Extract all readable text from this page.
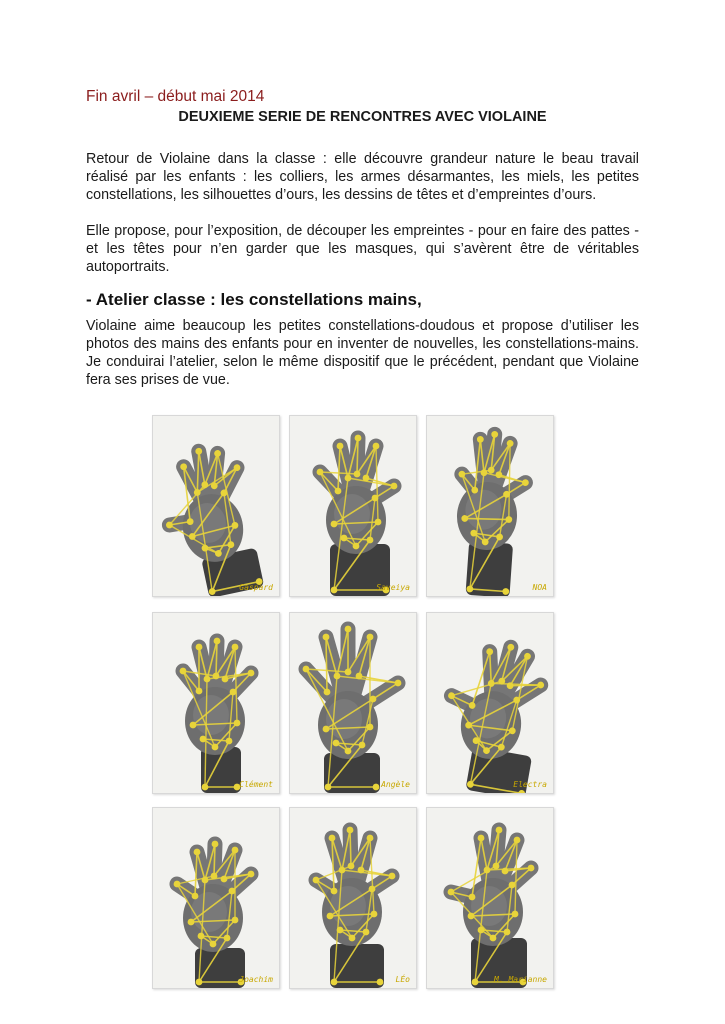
Fin avril – début mai 2014
DEUXIEME SERIE DE RENCONTRES AVEC VIOLAINE
Retour de Violaine dans la classe : elle découvre grandeur nature le beau travail réalisé par les enfants : les colliers, les armes désarmantes, les miels, les petites constellations, les silhouettes d’ours, les dessins de têtes et d’empreintes d’ours.
Elle propose, pour l’exposition, de découper les empreintes - pour en faire des pattes - et les têtes pour n’en garder que les masques, qui s’avèrent être de véritables autoportraits.
- Atelier classe : les constellations mains,
Violaine aime beaucoup les petites constellations-doudous et propose d’utiliser les photos des mains des enfants pour en inventer de nouvelles, les constellations-mains. Je conduirai l’atelier, selon le même dispositif que le précédent, pendant que Violaine fera ses prises de vue.
Gaspard	Saveiya	NOA
Clément	Angèle	Electra
Joachim	LÉo	M. Marianne
